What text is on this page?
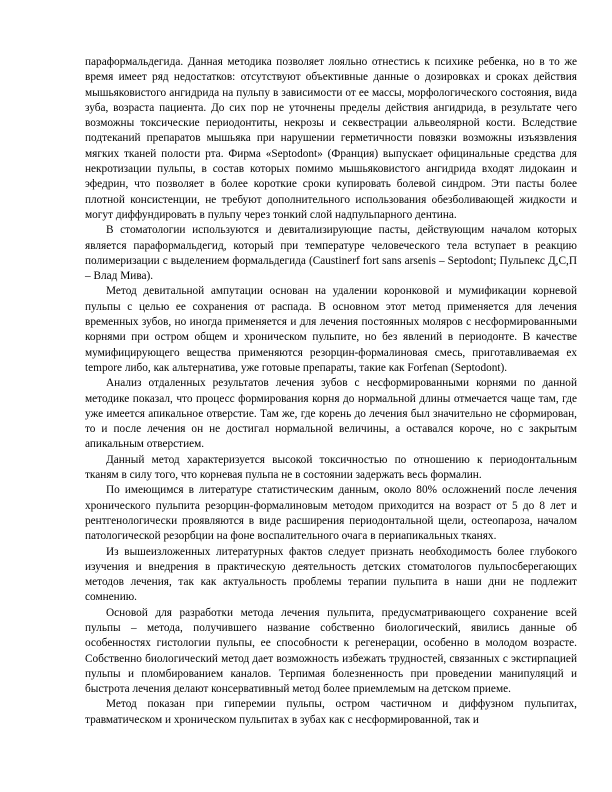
параформальдегида. Данная методика позволяет лояльно отнестись к психике ребенка, но в то же время имеет ряд недостатков: отсутствуют объективные данные о дозировках и сроках действия мышьяковистого ангидрида на пульпу в зависимости от ее массы, морфологического состояния, вида зуба, возраста пациента. До сих пор не уточнены пределы действия ангидрида, в результате чего возможны токсические периодонтиты, некрозы и секвестрации альвеолярной кости. Вследствие подтеканий препаратов мышьяка при нарушении герметичности повязки возможны изъязвления мягких тканей полости рта. Фирма «Septodont» (Франция) выпускает официнальные средства для некротизации пульпы, в состав которых помимо мышьяковистого ангидрида входят лидокаин и эфедрин, что позволяет в более короткие сроки купировать болевой синдром. Эти пасты более плотной консистенции, не требуют дополнительного использования обезболивающей жидкости и могут диффундировать в пульпу через тонкий слой надпульпарного дентина.

В стоматологии используются и девитализирующие пасты, действующим началом которых является параформальдегид, который при температуре человеческого тела вступает в реакцию полимеризации с выделением формальдегида (Caustinerf fort sans arsenis – Septodont; Пульпекс Д,С,П – Влад Мива).

Метод девитальной ампутации основан на удалении коронковой и мумификации корневой пульпы с целью ее сохранения от распада. В основном этот метод применяется для лечения временных зубов, но иногда применяется и для лечения постоянных моляров с несформированными корнями при остром общем и хроническом пульпите, но без явлений в периодонте. В качестве мумифицирующего вещества применяются резорцин-формалиновая смесь, приготавливаемая ex tempore либо, как альтернатива, уже готовые препараты, такие как Forfenan (Septodont).

Анализ отдаленных результатов лечения зубов с несформированными корнями по данной методике показал, что процесс формирования корня до нормальной длины отмечается чаще там, где уже имеется апикальное отверстие. Там же, где корень до лечения был значительно не сформирован, то и после лечения он не достигал нормальной величины, а оставался короче, но с закрытым апикальным отверстием.

Данный метод характеризуется высокой токсичностью по отношению к периодонтальным тканям в силу того, что корневая пульпа не в состоянии задержать весь формалин.

По имеющимся в литературе статистическим данным, около 80% осложнений после лечения хронического пульпита резорцин-формалиновым методом приходится на возраст от 5 до 8 лет и рентгенологически проявляются в виде расширения периодонтальной щели, остеопароза, началом патологической резорбции на фоне воспалительного очага в периапикальных тканях.

Из вышеизложенных литературных фактов следует признать необходимость более глубокого изучения и внедрения в практическую деятельность детских стоматологов пульпосберегающих методов лечения, так как актуальность проблемы терапии пульпита в наши дни не подлежит сомнению.

Основой для разработки метода лечения пульпита, предусматривающего сохранение всей пульпы – метода, получившего название собственно биологический, явились данные об особенностях гистологии пульпы, ее способности к регенерации, особенно в молодом возрасте. Собственно биологический метод дает возможность избежать трудностей, связанных с экстирпацией пульпы и пломбированием каналов. Терпимая болезненность при проведении манипуляций и быстрота лечения делают консервативный метод более приемлемым на детском приеме.

Метод показан при гиперемии пульпы, остром частичном и диффузном пульпитах, травматическом и хроническом пульпитах в зубах как с несформированной, так и
